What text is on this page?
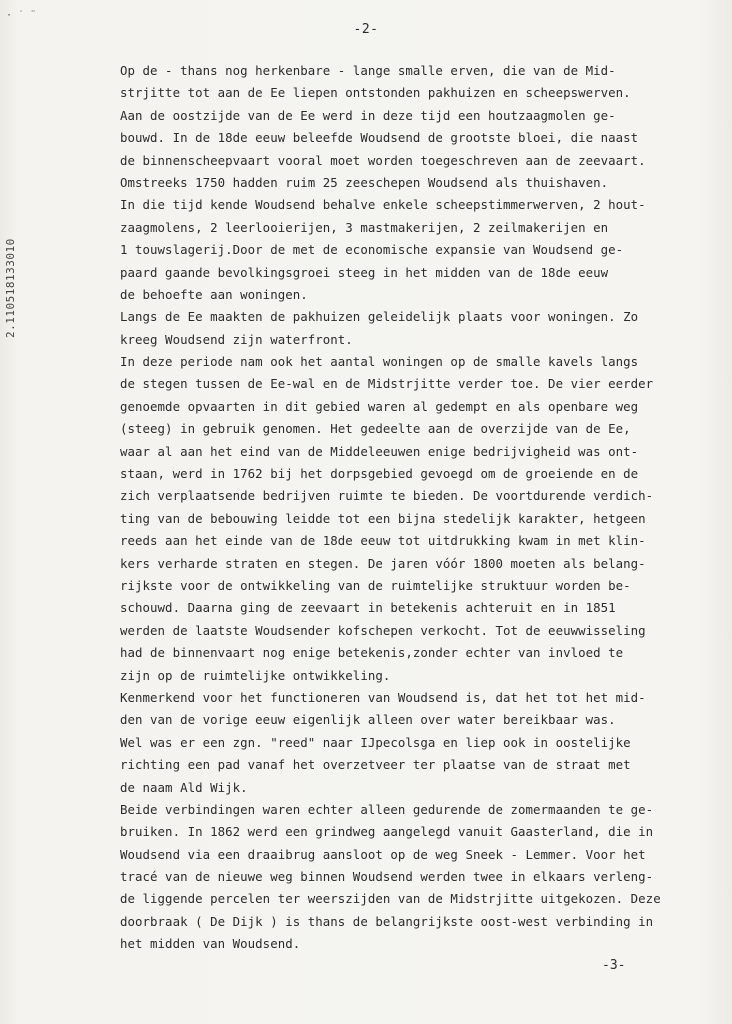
· ˙ ¨
-2-
2.110518133010
Op de - thans nog herkenbare - lange smalle erven, die van de Mid-
strjitte tot aan de Ee liepen ontstonden pakhuizen en scheepswerven.
Aan de oostzijde van de Ee werd in deze tijd een houtzaagmolen ge-
bouwd. In de 18de eeuw beleefde Woudsend de grootste bloei, die naast
de binnenscheepvaart vooral moet worden toegeschreven aan de zeevaart.
Omstreeks 1750 hadden ruim 25 zeeschepen Woudsend als thuishaven.
In die tijd kende Woudsend behalve enkele scheepstimmerwerven, 2 hout-
zaagmolens, 2 leerlooierijen, 3 mastmakerijen, 2 zeilmakerijen en
1 touwslagerij.Door de met de economische expansie van Woudsend ge-
paard gaande bevolkingsgroei steeg in het midden van de 18de eeuw
de behoefte aan woningen.
Langs de Ee maakten de pakhuizen geleidelijk plaats voor woningen. Zo
kreeg Woudsend zijn waterfront.
In deze periode nam ook het aantal woningen op de smalle kavels langs
de stegen tussen de Ee-wal en de Midstrjitte verder toe. De vier eerder
genoemde opvaarten in dit gebied waren al gedempt en als openbare weg
(steeg) in gebruik genomen. Het gedeelte aan de overzijde van de Ee,
waar al aan het eind van de Middeleeuwen enige bedrijvigheid was ont-
staan, werd in 1762 bij het dorpsgebied gevoegd om de groeiende en de
zich verplaatsende bedrijven ruimte te bieden. De voortdurende verdich-
ting van de bebouwing leidde tot een bijna stedelijk karakter, hetgeen
reeds aan het einde van de 18de eeuw tot uitdrukking kwam in met klin-
kers verharde straten en stegen. De jaren vóór 1800 moeten als belang-
rijkste voor de ontwikkeling van de ruimtelijke struktuur worden be-
schouwd. Daarna ging de zeevaart in betekenis achteruit en in 1851
werden de laatste Woudsender kofschepen verkocht. Tot de eeuwwisseling
had de binnenvaart nog enige betekenis,zonder echter van invloed te
zijn op de ruimtelijke ontwikkeling.
Kenmerkend voor het functioneren van Woudsend is, dat het tot het mid-
den van de vorige eeuw eigenlijk alleen over water bereikbaar was.
Wel was er een zgn. "reed" naar IJpecolsga en liep ook in oostelijke
richting een pad vanaf het overzetveer ter plaatse van de straat met
de naam Ald Wijk.
Beide verbindingen waren echter alleen gedurende de zomermaanden te ge-
bruiken. In 1862 werd een grindweg aangelegd vanuit Gaasterland, die in
Woudsend via een draaibrug aansloot op de weg Sneek - Lemmer. Voor het
tracé van de nieuwe weg binnen Woudsend werden twee in elkaars verleng-
de liggende percelen ter weerszijden van de Midstrjitte uitgekozen. Deze
doorbraak ( De Dijk ) is thans de belangrijkste oost-west verbinding in
het midden van Woudsend.
-3-
